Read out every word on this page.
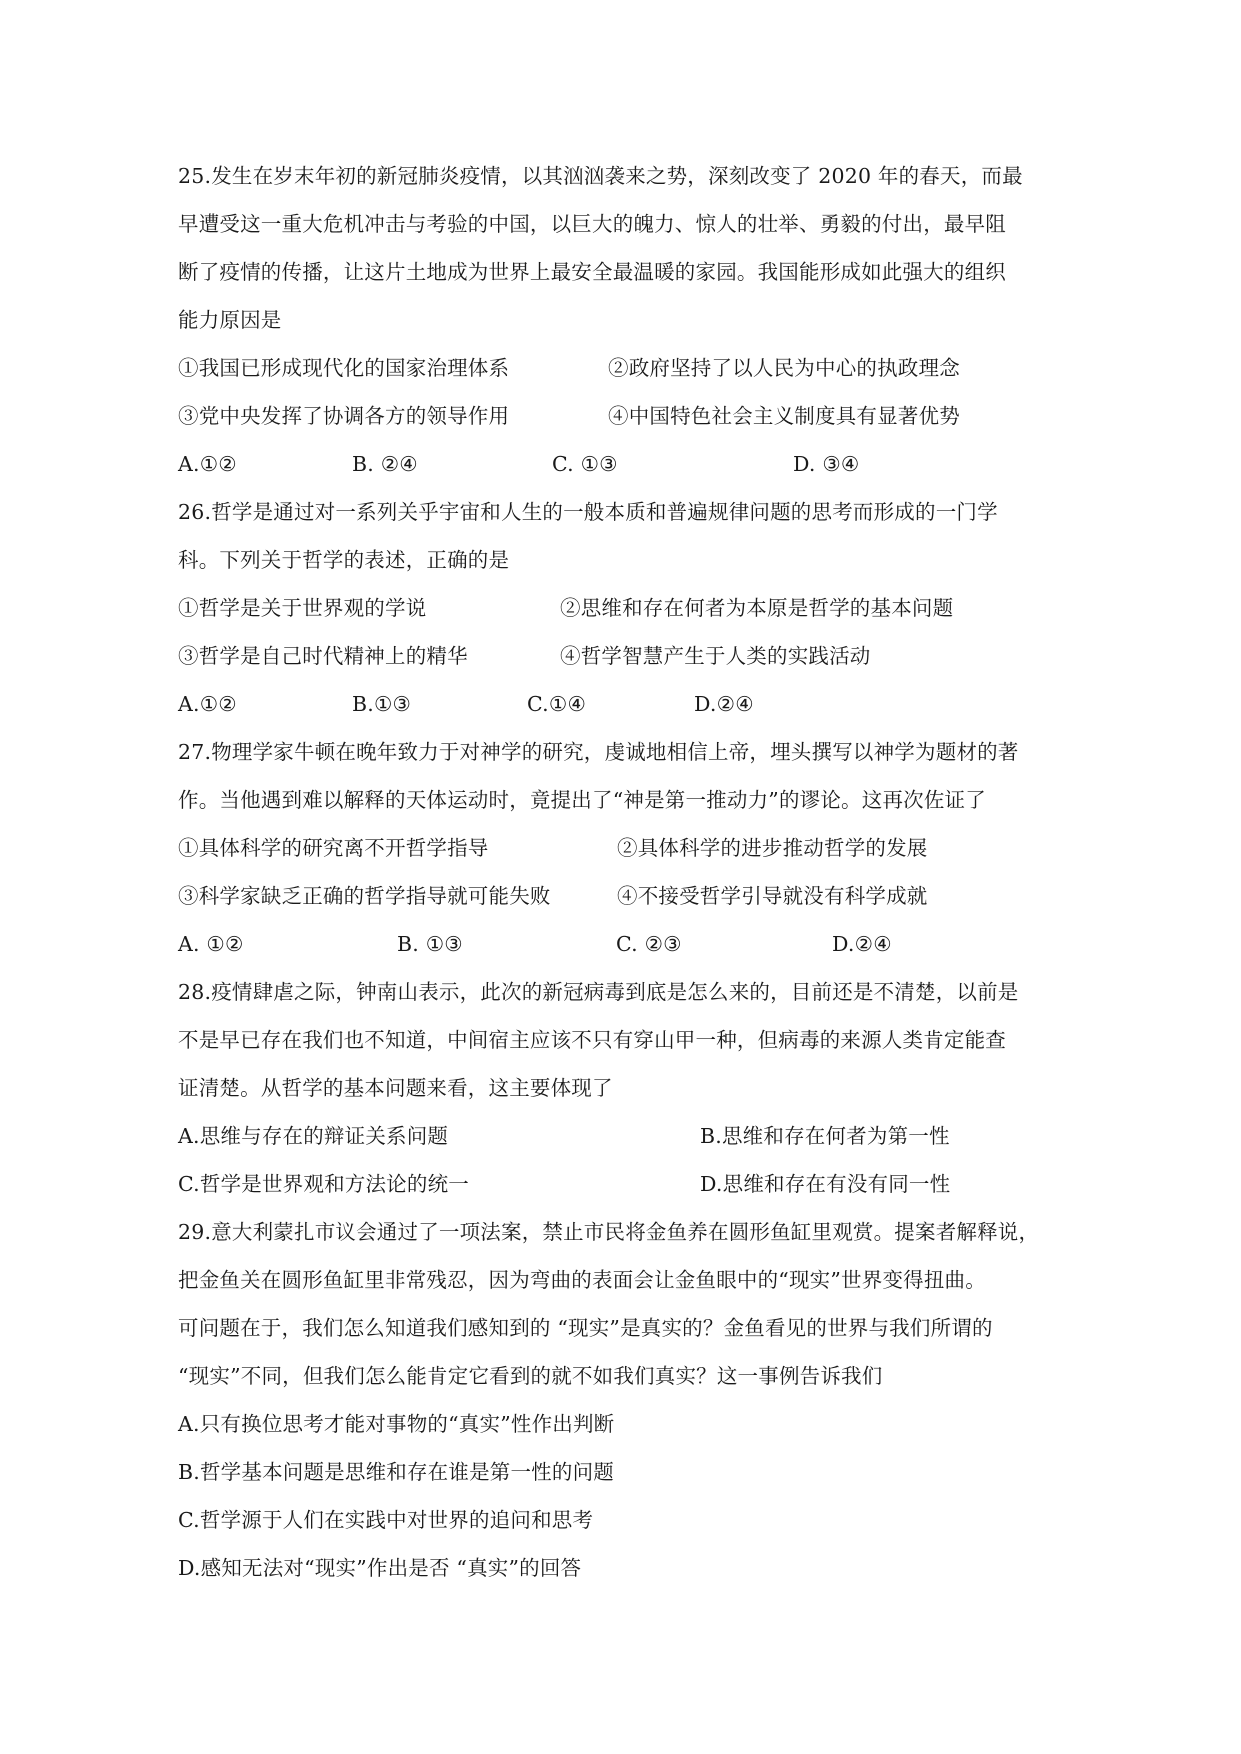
25.发生在岁末年初的新冠肺炎疫情，以其汹汹袭来之势，深刻改变了 2020 年的春天，而最
早遭受这一重大危机冲击与考验的中国，以巨大的魄力、惊人的壮举、勇毅的付出，最早阻
断了疫情的传播，让这片土地成为世界上最安全最温暖的家园。我国能形成如此强大的组织
能力原因是
①我国已形成现代化的国家治理体系	②政府坚持了以人民为中心的执政理念
③党中央发挥了协调各方的领导作用	④中国特色社会主义制度具有显著优势
A.①②	B. ②④	C. ①③	D. ③④
26.哲学是通过对一系列关乎宇宙和人生的一般本质和普遍规律问题的思考而形成的一门学
科。下列关于哲学的表述，正确的是
①哲学是关于世界观的学说	②思维和存在何者为本原是哲学的基本问题
③哲学是自己时代精神上的精华	④哲学智慧产生于人类的实践活动
A.①②	B.①③	C.①④	D.②④
27.物理学家牛顿在晚年致力于对神学的研究，虔诚地相信上帝，埋头撰写以神学为题材的著
作。当他遇到难以解释的天体运动时，竟提出了“神是第一推动力”的谬论。这再次佐证了
①具体科学的研究离不开哲学指导	②具体科学的进步推动哲学的发展
③科学家缺乏正确的哲学指导就可能失败	④不接受哲学引导就没有科学成就
A. ①②	B. ①③	C. ②③	D.②④
28.疫情肆虐之际，钟南山表示，此次的新冠病毒到底是怎么来的，目前还是不清楚，以前是
不是早已存在我们也不知道，中间宿主应该不只有穿山甲一种，但病毒的来源人类肯定能查
证清楚。从哲学的基本问题来看，这主要体现了
A.思维与存在的辩证关系问题	B.思维和存在何者为第一性
C.哲学是世界观和方法论的统一	D.思维和存在有没有同一性
29.意大利蒙扎市议会通过了一项法案，禁止市民将金鱼养在圆形鱼缸里观赏。提案者解释说，
把金鱼关在圆形鱼缸里非常残忍，因为弯曲的表面会让金鱼眼中的“现实”世界变得扭曲。
可问题在于，我们怎么知道我们感知到的 “现实”是真实的？金鱼看见的世界与我们所谓的
“现实”不同，但我们怎么能肯定它看到的就不如我们真实？这一事例告诉我们
A.只有换位思考才能对事物的“真实”性作出判断
B.哲学基本问题是思维和存在谁是第一性的问题
C.哲学源于人们在实践中对世界的追问和思考
D.感知无法对“现实”作出是否 “真实”的回答
